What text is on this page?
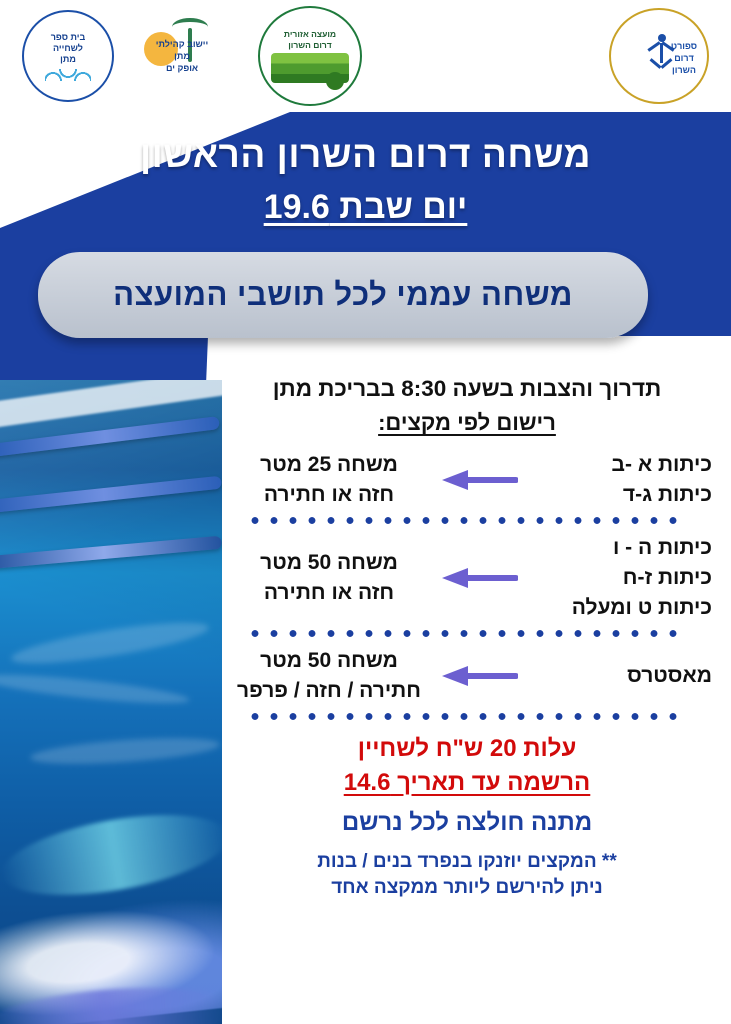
בית ספר
לשחייה
מתן
יישוב קהילתי
מתן
אופק ים
מועצה אזורית
דרום השרון	ספורט
דרום
השרון
משחה דרום השרון הראשון
יום שבת 19.6
משחה עממי לכל תושבי המועצה
תדרוך והצבות בשעה 8:30 בבריכת מתן
רישום לפי מקצים:
כיתות א -ב
כיתות ג-ד
משחה 25 מטר
חזה או חתירה
כיתות ה - ו
כיתות ז-ח
כיתות ט ומעלה
משחה 50 מטר
חזה או חתירה
מאסטרס
משחה 50 מטר
חתירה / חזה / פרפר
עלות 20 ש"ח לשחיין
הרשמה עד תאריך 14.6
מתנה חולצה לכל נרשם
** המקצים יוזנקו בנפרד בנים / בנות
ניתן להירשם ליותר ממקצה אחד
